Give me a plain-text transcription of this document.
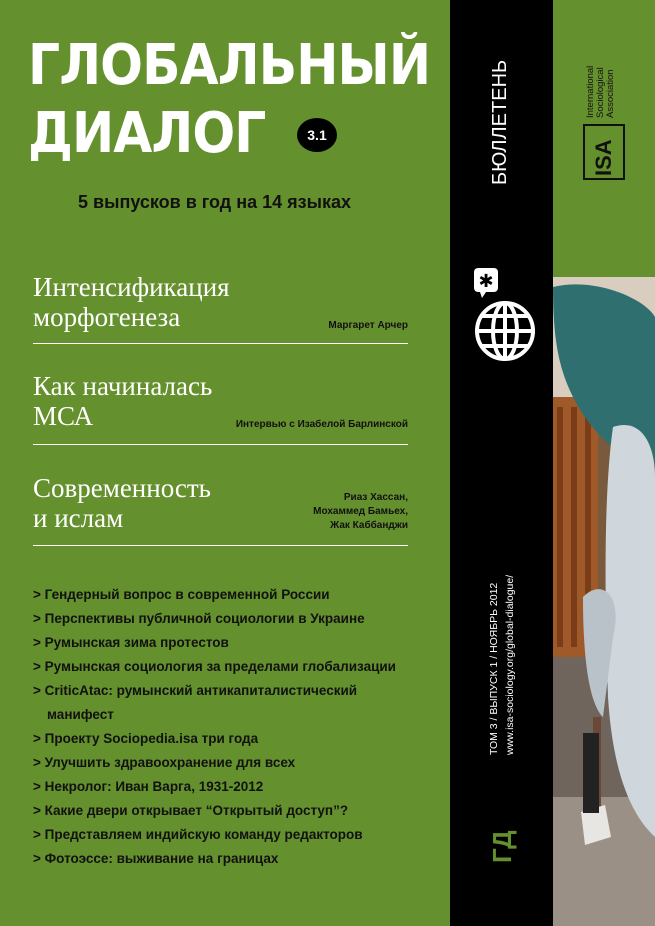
ГЛОБАЛЬНЫЙ
ДИАЛОГ	3.1
5 выпусков в год на 14 языках
Интенсификация
морфогенеза	Маргарет Арчер
Как начиналась
МСА	Интервью с Изабелой Барлинской
Современность
и ислам
Риаз Хассан,
Мохаммед Бамьех,
Жак Каббанджи
> Гендерный вопрос в современной России
> Перспективы публичной социологии в Украине
> Румынская зима протестов
> Румынская социология за пределами глобализации
> CriticAtac: румынский антикапиталистический
манифест
> Проекту Sociopedia.isa три года
> Улучшить здравоохранение для всех
> Некролог: Иван Варга, 1931-2012
> Какие двери открывает “Открытый доступ”?
> Представляем индийскую команду редакторов
> Фотоэссе: выживание на границах
БЮЛЛЕТЕНЬ
✱
ТОМ 3 / ВЫПУСК 1 / НОЯБРЬ 2012 www.isa-sociology.org/global-dialogue/
ГД
ISA
International Sociological Association
